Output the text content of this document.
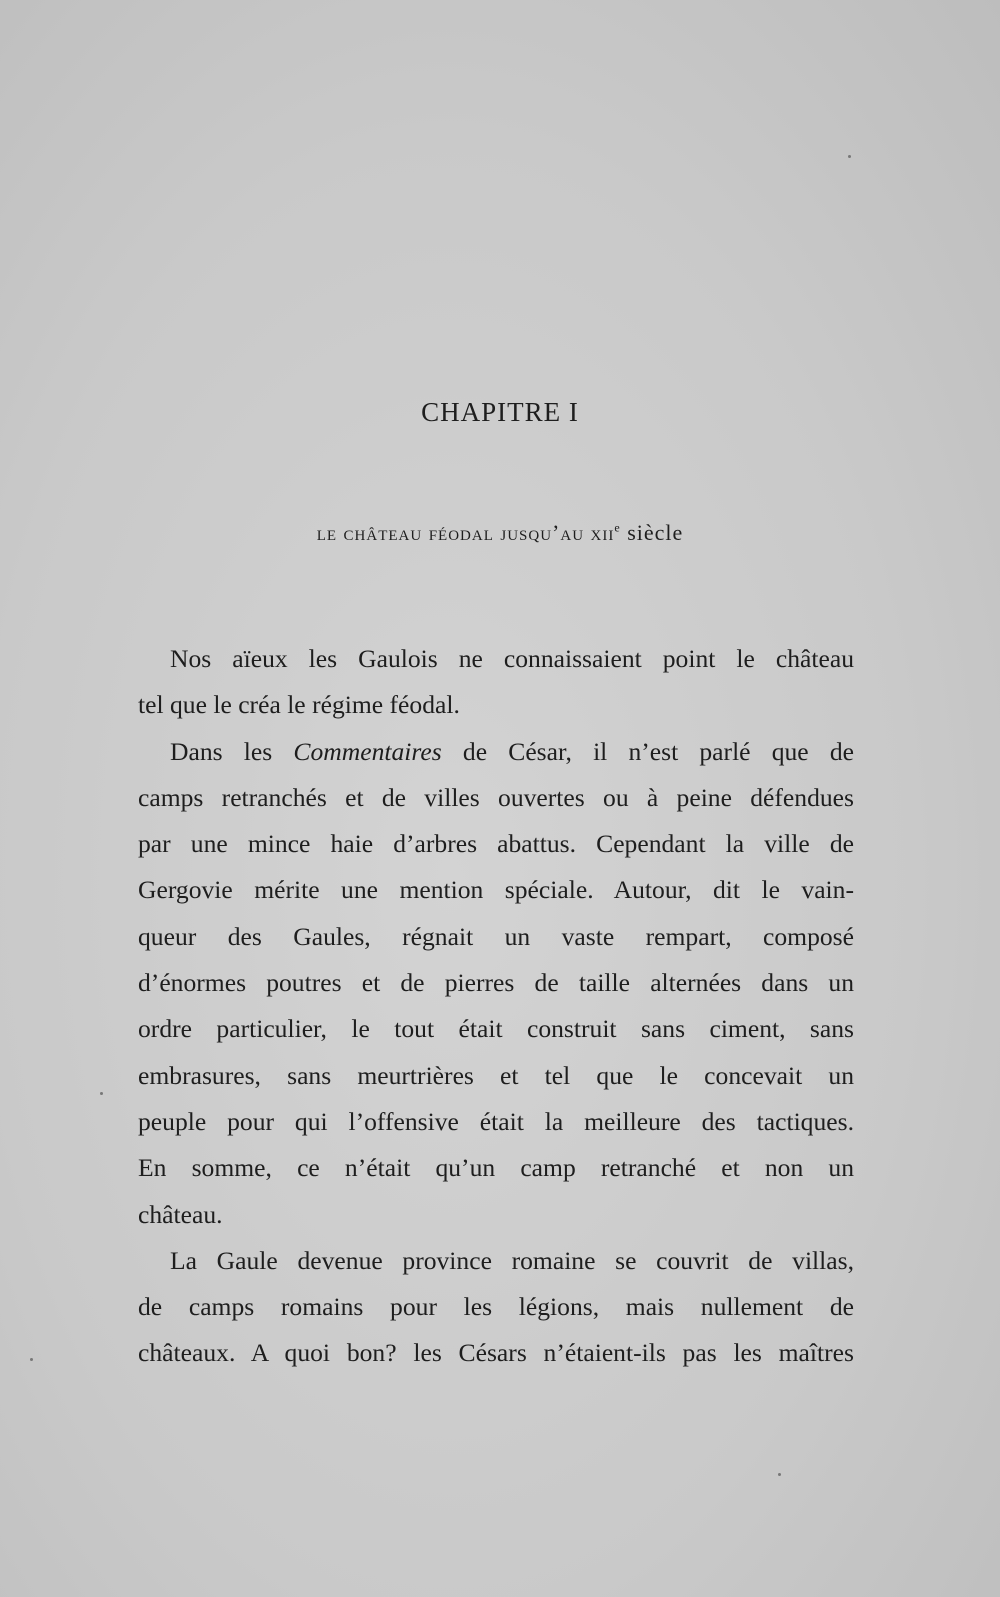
CHAPITRE I
le château féodal jusqu’au xii$^e$ siècle
Nos aïeux les Gaulois ne connaissaient point le château
tel que le créa le régime féodal.
Dans les Commentaires de César, il n’est parlé que de
camps retranchés et de villes ouvertes ou à peine défendues
par une mince haie d’arbres abattus. Cependant la ville de
Gergovie mérite une mention spéciale. Autour, dit le vain-
queur des Gaules, régnait un vaste rempart, composé
d’énormes poutres et de pierres de taille alternées dans un
ordre particulier, le tout était construit sans ciment, sans
embrasures, sans meurtrières et tel que le concevait un
peuple pour qui l’offensive était la meilleure des tactiques.
En somme, ce n’était qu’un camp retranché et non un
château.
La Gaule devenue province romaine se couvrit de villas,
de camps romains pour les légions, mais nullement de
châteaux. A quoi bon? les Césars n’étaient-ils pas les maîtres
